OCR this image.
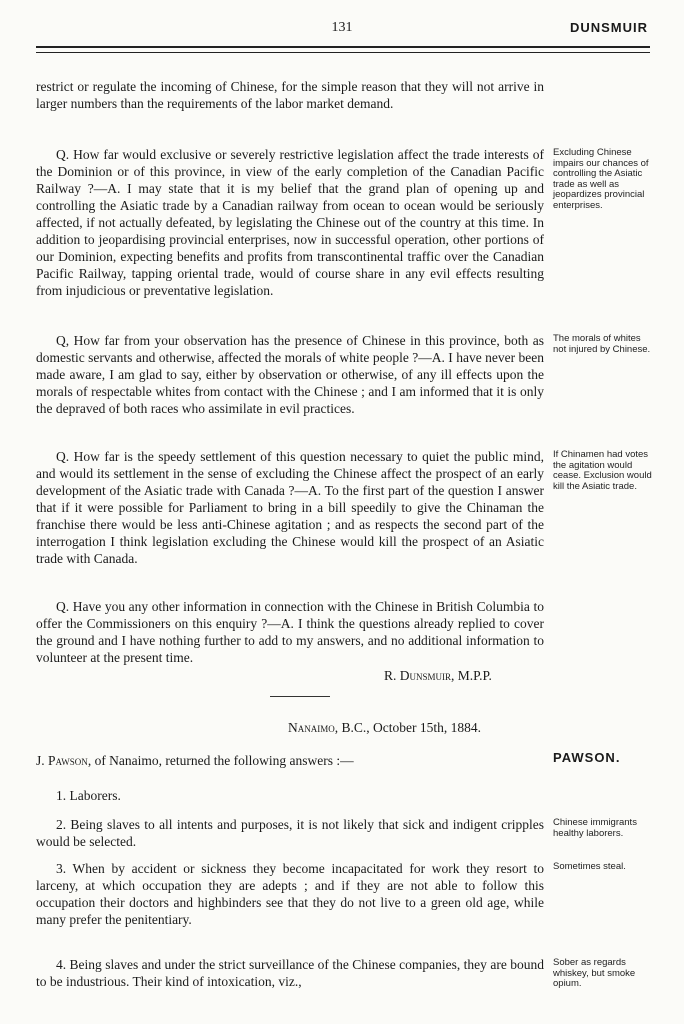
131	DUNSMUIR

restrict or regulate the incoming of Chinese, for the simple reason that they will not arrive in larger numbers than the requirements of the labor market demand.

Q. How far would exclusive or severely restrictive legislation affect the trade interests of the Dominion or of this province, in view of the early completion of the Canadian Pacific Railway ?—A. I may state that it is my belief that the grand plan of opening up and controlling the Asiatic trade by a Canadian railway from ocean to ocean would be seriously affected, if not actually defeated, by legislating the Chinese out of the country at this time. In addition to jeopardising provincial enterprises, now in successful operation, other portions of our Dominion, expecting benefits and profits from transcontinental traffic over the Canadian Pacific Railway, tapping oriental trade, would of course share in any evil effects resulting from injudicious or preventative legislation.

Excluding Chinese impairs our chances of controlling the Asiatic trade as well as jeopardizes provincial enterprises.

Q, How far from your observation has the presence of Chinese in this province, both as domestic servants and otherwise, affected the morals of white people ?—A. I have never been made aware, I am glad to say, either by observation or otherwise, of any ill effects upon the morals of respectable whites from contact with the Chinese ; and I am informed that it is only the depraved of both races who assimilate in evil practices.

The morals of whites not injured by Chinese.

Q. How far is the speedy settlement of this question necessary to quiet the public mind, and would its settlement in the sense of excluding the Chinese affect the prospect of an early development of the Asiatic trade with Canada ?—A. To the first part of the question I answer that if it were possible for Parliament to bring in a bill speedily to give the Chinaman the franchise there would be less anti-Chinese agitation ; and as respects the second part of the interrogation I think legislation excluding the Chinese would kill the prospect of an Asiatic trade with Canada.

If Chinamen had votes the agitation would cease. Exclusion would kill the Asiatic trade.

Q. Have you any other information in connection with the Chinese in British Columbia to offer the Commissioners on this enquiry ?—A. I think the questions already replied to cover the ground and I have nothing further to add to my answers, and no additional information to volunteer at the present time.

R. Dunsmuir, M.P.P.
Nanaimo, B.C., October 15th, 1884.

J. Pawson, of Nanaimo, returned the following answers :—	PAWSON.

1. Laborers.

2. Being slaves to all intents and purposes, it is not likely that sick and indigent cripples would be selected.

Chinese immigrants healthy laborers.

3. When by accident or sickness they become incapacitated for work they resort to larceny, at which occupation they are adepts ; and if they are not able to follow this occupation their doctors and highbinders see that they do not live to a green old age, while many prefer the penitentiary.

Sometimes steal.

4. Being slaves and under the strict surveillance of the Chinese companies, they are bound to be industrious. Their kind of intoxication, viz.,

Sober as regards whiskey, but smoke opium.
